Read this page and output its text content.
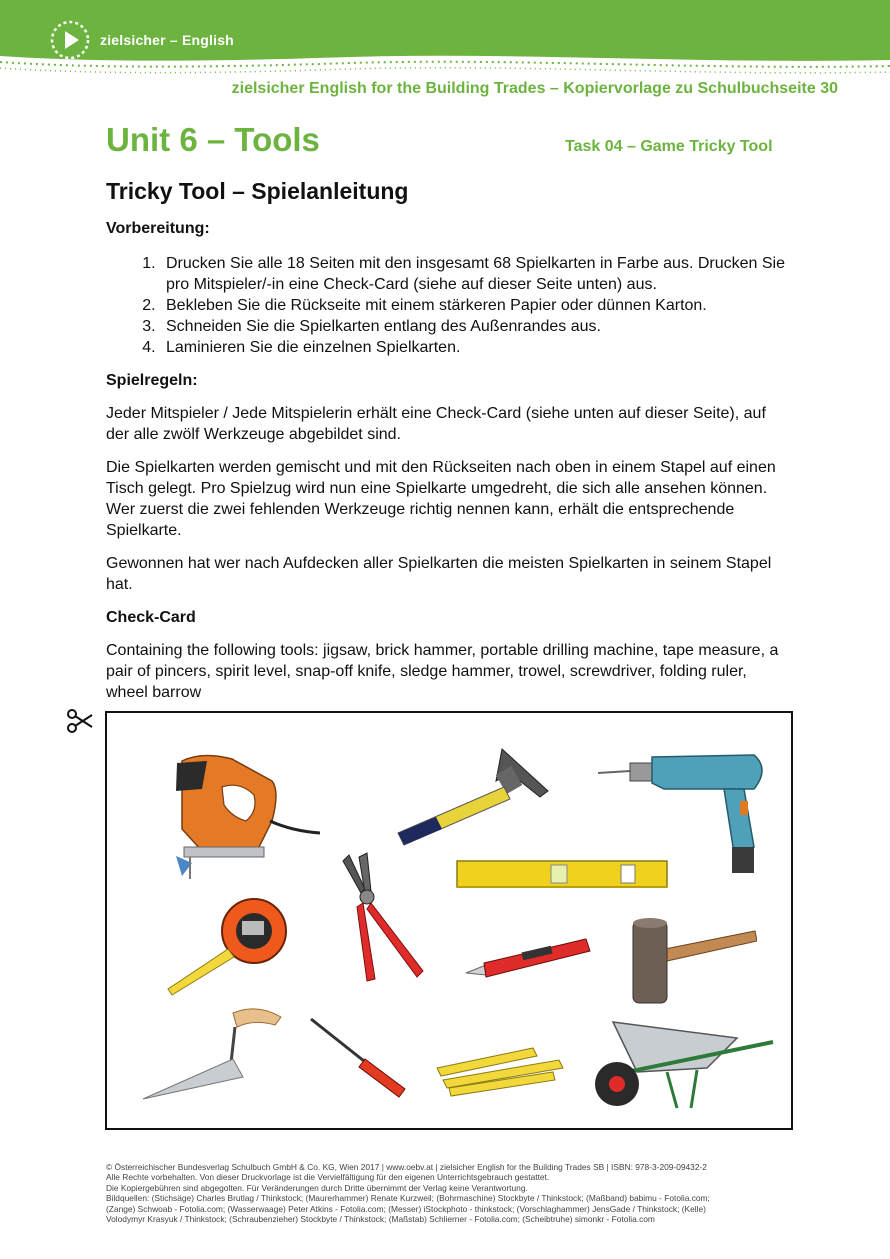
zielsicher – English
zielsicher English for the Building Trades – Kopiervorlage zu Schulbuchseite 30
Unit 6 – Tools	Task 04 – Game Tricky Tool
Tricky Tool – Spielanleitung

Vorbereitung:

1. Drucken Sie alle 18 Seiten mit den insgesamt 68 Spielkarten in Farbe aus. Drucken Sie pro Mitspieler/-in eine Check-Card (siehe auf dieser Seite unten) aus.
2. Bekleben Sie die Rückseite mit einem stärkeren Papier oder dünnen Karton.
3. Schneiden Sie die Spielkarten entlang des Außenrandes aus.
4. Laminieren Sie die einzelnen Spielkarten.

Spielregeln:

Jeder Mitspieler / Jede Mitspielerin erhält eine Check-Card (siehe unten auf dieser Seite), auf der alle zwölf Werkzeuge abgebildet sind.

Die Spielkarten werden gemischt und mit den Rückseiten nach oben in einem Stapel auf einen Tisch gelegt. Pro Spielzug wird nun eine Spielkarte umgedreht, die sich alle ansehen können. Wer zuerst die zwei fehlenden Werkzeuge richtig nennen kann, erhält die entsprechende Spielkarte.

Gewonnen hat wer nach Aufdecken aller Spielkarten die meisten Spielkarten in seinem Stapel hat.

Check-Card

Containing the following tools: jigsaw, brick hammer, portable drilling machine, tape measure, a pair of pincers, spirit level, snap-off knife, sledge hammer, trowel, screwdriver, folding ruler, wheel barrow

© Österreichischer Bundesverlag Schulbuch GmbH & Co. KG, Wien 2017 | www.oebv.at | zielsicher English for the Building Trades SB | ISBN: 978-3-209-09432-2
Alle Rechte vorbehalten. Von dieser Druckvorlage ist die Vervielfältigung für den eigenen Unterrichtsgebrauch gestattet.
Die Kopiergebühren sind abgegolten. Für Veränderungen durch Dritte übernimmt der Verlag keine Verantwortung.
Bildquellen: (Stichsäge) Charles Brutlag / Thinkstock; (Maurerhammer) Renate Kurzweil; (Bohrmaschine) Stockbyte / Thinkstock; (Maßband) babimu - Fotolia.com;
(Zange) Schwoab - Fotolia.com; (Wasserwaage) Peter Atkins - Fotolia.com; (Messer) iStockphoto - thinkstock; (Vorschlaghammer) JensGade / Thinkstock; (Kelle)
Volodymyr Krasyuk / Thinkstock; (Schraubenzieher) Stockbyte / Thinkstock; (Maßstab) Schlierner - Fotolia.com; (Scheibtruhe) simonkr - Fotolia.com
